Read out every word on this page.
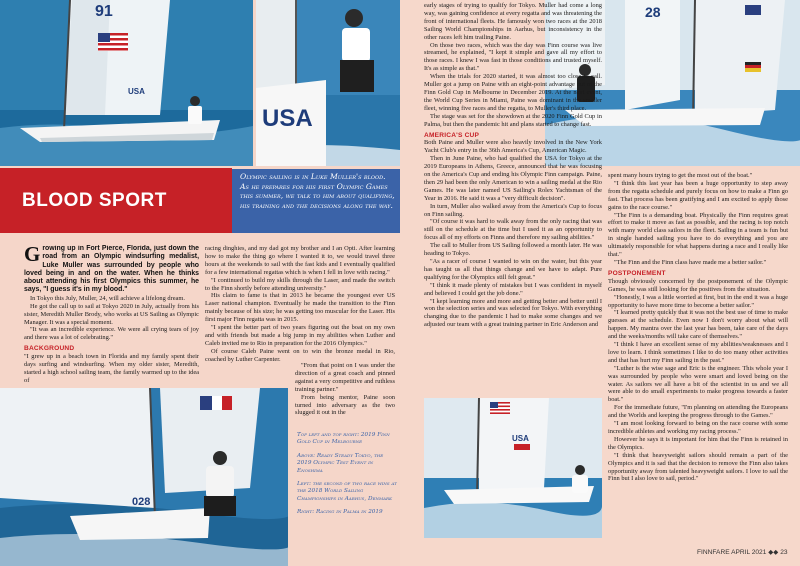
91
USA
USA
28
BLOOD SPORT
Olympic sailing is in Luke Muller's blood. As he prepares for his first Olympic Games this summer, we talk to him about qualifying, his training and the decisions along the way.
G rowing up in Fort Pierce, Florida, just down the road from an Olympic windsurfing medalist, Luke Muller was surrounded by people who loved being in and on the water. When he thinks about attending his first Olympics this summer, he says, "I guess it's in my blood."

In Tokyo this July, Muller, 24, will achieve a lifelong dream.

He got the call up to sail at Tokyo 2020 in July, actually from his sister, Meredith Muller Brody, who works at US Sailing as Olympic Manager. It was a special moment.

"It was an incredible experience. We were all crying tears of joy and there was a lot of celebrating."

BACKGROUND

"I grew up in a beach town in Florida and my family spent their days surfing and windsurfing. When my older sister, Meredith, started a high school sailing team, the family warmed up to the idea of

racing dinghies, and my dad got my brother and I an Opti. After learning how to make the thing go where I wanted it to, we would travel three hours at the weekends to sail with the fast kids and I eventually qualified for a few international regattas which is when I fell in love with racing."

"I continued to build my skills through the Laser, and made the switch to the Finn shortly before attending university."

His claim to fame is that in 2013 he became the youngest ever US Laser national champion. Eventually he made the transition to the Finn mainly because of his size; he was getting too muscular for the Laser. His first major Finn regatta was in 2015.

"I spent the better part of two years figuring out the boat on my own and with friends but made a big jump in my abilities when Luther and Caleb invited me to Rio in preparation for the 2016 Olympics."

Of course Caleb Paine went on to win the bronze medal in Rio, coached by Luther Carpenter.

"From that point on I was under the direction of a great coach and pinned against a very competitive and ruthless training partner."

From being mentor, Paine soon turned into adversary as the two slugged it out in the

028

Top left and top right: 2019 Finn Gold Cup in Melbourne

Above: Ready Steady Tokyo, the 2019 Olympic Test Event in Enoshima

Left: the second of two race wins at the 2018 World Sailing Championships in Aarhus, Denmark

Right: Racing in Palma in 2019

early stages of trying to qualify for Tokyo. Muller had come a long way, was gaining confidence at every regatta and was threatening the front of international fleets. He famously won two races at the 2018 Sailing World Championships in Aarhus, but inconsistency in the other races left him trailing Paine.

On those two races, which was the day was Finn course was live streamed, he explained, "I kept it simple and gave all my effort to those races. I knew I was fast in those conditions and trusted myself. It's as simple as that."

When the trials for 2020 started, it was almost too close to call. Muller got a jump on Paine with an eight-point advantage out of the Finn Gold Cup in Melbourne in December 2019. At the next event, the World Cup Series in Miami, Paine was dominant in the smaller fleet, winning five races and the regatta, to Muller's third place.

The stage was set for the showdown at the 2020 Finn Gold Cup in Palma, but then the pandemic hit and plans started to change fast.

AMERICA'S CUP

Both Paine and Muller were also heavily involved in the New York Yacht Club's entry in the 36th America's Cup, American Magic.

Then in June Paine, who had qualified the USA for Tokyo at the 2019 Europeans in Athens, Greece, announced that he was focusing on the America's Cup and ending his Olympic Finn campaign. Paine, then 29 had been the only American to win a sailing medal at the Rio Games. He was later named US Sailing's Rolex Yachtsman of the Year in 2016. He said it was a "very difficult decision".

In turn, Muller also walked away from the America's Cup to focus on Finn sailing.

"Of course it was hard to walk away from the only racing that was still on the schedule at the time but I used it as an opportunity to focus all of my efforts on Finns and therefore my sailing abilities."

The call to Muller from US Sailing followed a month later. He was heading to Tokyo.

"As a racer of course I wanted to win on the water, but this year has taught us all that things change and we have to adapt. Pure qualifying for the Olympics still felt great."

"I think it made plenty of mistakes but I was confident in myself and believed I could get the job done."

"I kept learning more and more and getting better and better until I won the selection series and was selected for Tokyo. With everything changing due to the pandemic I had to make some changes and we adjusted our team with a great training partner in Eric Anderson and

spent many hours trying to get the most out of the boat."

"I think this last year has been a huge opportunity to step away from the regatta schedule and purely focus on how to make a Finn go fast. That process has been gratifying and I am excited to apply those gains to the race course."

"The Finn is a demanding boat. Physically the Finn requires great effort to make it move as fast as possible, and the racing is top notch with many world class sailors in the fleet. Sailing in a team is fun but in single handed sailing you have to do everything and you are ultimately responsible for what happens during a race and I really like that."

"The Finn and the Finn class have made me a better sailor."

POSTPONEMENT

Though obviously concerned by the postponement of the Olympic Games, he was still looking for the positives from the situation.

"Honestly, I was a little worried at first, but in the end it was a huge opportunity to have more time to become a better sailor."

"I learned pretty quickly that it was not the best use of time to make guesses at the schedule. Even now I don't worry about what will happen. My mantra over the last year has been, take care of the days and the weeks/months will take care of themselves."

"I think I have an excellent sense of my abilities/weaknesses and I love to learn. I think sometimes I like to do too many other activities and that has hurt my Finn sailing in the past."

"Luther is the wise sage and Eric is the engineer. This whole year I was surrounded by people who were smart and loved being on the water. As sailors we all have a bit of the scientist in us and we all were able to do small experiments to make progress towards a faster boat."

For the immediate future, "I'm planning on attending the Europeans and the Worlds and keeping the progress through to the Games."

"I am most looking forward to being on the race course with some incredible athletes and working my racing process."

However he says it is important for him that the Finn is retained in the Olympics.

"I think that heavyweight sailors should remain a part of the Olympics and it is sad that the decision to remove the Finn also takes opportunity away from talented heavyweight sailors. I love to sail the Finn but I also love to sail, period."

USA
FINNFARE APRIL 2021 ◆◆ 23
